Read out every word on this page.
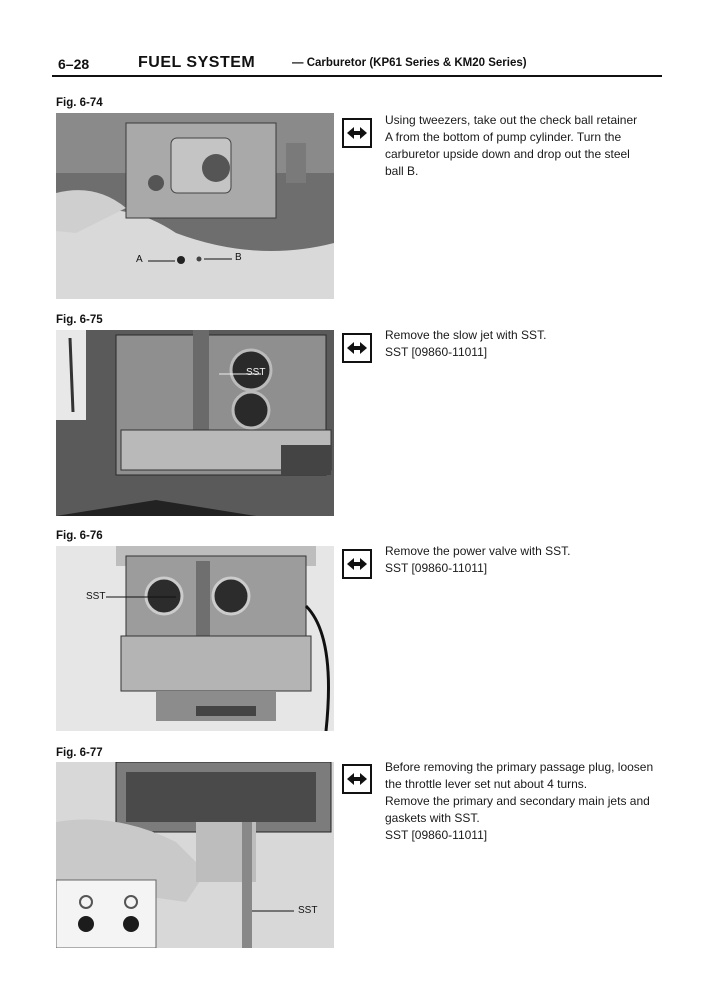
6–28	FUEL SYSTEM	— Carburetor (KP61 Series & KM20 Series)
Fig. 6-74
A	B

Using tweezers, take out the check ball retainer

A from the bottom of pump cylinder. Turn the

carburetor upside down and drop out the steel

ball B.

Fig. 6-75
SST

Remove the slow jet with SST.

SST [09860-11011]

Fig. 6-76
SST

Remove the power valve with SST.

SST [09860-11011]

Fig. 6-77
SST

Before removing the primary passage plug, loosen

the throttle lever set nut about 4 turns.

Remove the primary and secondary main jets and

gaskets with SST.

SST [09860-11011]
